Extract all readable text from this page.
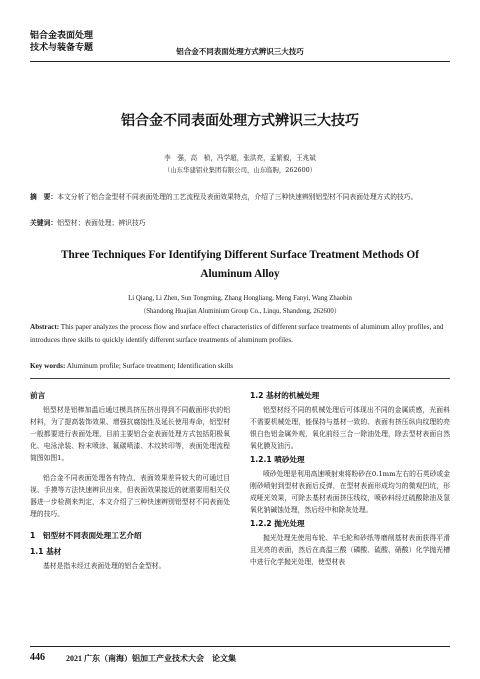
铝合金表面处理
技术与装备专题	铝合金不同表面处理方式辨识三大技巧
铝合金不同表面处理方式辨识三大技巧
李　强，高　桢，冯学超，张洪亮，孟繁毅，王兆斌
（山东华建铝业集团有限公司，山东临朐，262600）
摘　要：本文分析了铝合金型材不同表面处理的工艺流程及表面效果特点，介绍了三种快速辨别铝型材不同表面处理方式的技巧。
关键词：铝型材；表面处理；辨识技巧
Three Techniques For Identifying Different Surface Treatment Methods Of Aluminum Alloy
Li Qiang, Li Zhen, Sun Tongming, Zhang Hongliang, Meng Fanyi, Wang Zhaobin
（Shandong Huajian Aluminium Group Co., Linqu, Shandong, 262600）
Abstract: This paper analyzes the process flow and surface effect characteristics of different surface treatments of aluminum alloy profiles, and introduces three skills to quickly identify different surface treatments of aluminum profiles.
Key words: Aluminum profile; Surface treatment; Identification skills

前言

铝型材是铝棒加温后通过模具挤压挤出得到不同截面形状的铝材料，为了提高装饰效果、增强抗腐蚀性及延长使用寿命，铝型材一般都要进行表面处理，目前主要铝合金表面处理方式包括阳极氧化、电泳涂装、粉末喷涂、氟碳喷漆、木纹转印等，表面处理流程简图如图1。

铝合金不同表面处理各有特点，表面效果差异较大的可通过目视、手摸等方法快速辨识出来，但表面效果接近的就需要用相关仪器进一步检测来判定，本文介绍了三种快速辨别铝型材不同表面处理的技巧。

1　铝型材不同表面处理工艺介绍

1.1 基材

基材是指未经过表面处理的铝合金型材。

1.2 基材的机械处理

铝型材经不同的机械处理后可体现出不同的金属质感，光面料不需要机械处理，能保持与基材一致的、表面有挤压纵向纹理的亮银白色铝金属外观，氧化前经三合一除油处理，除去型材表面自然氧化膜及油污。

1.2.1 喷砂处理

喷砂处理是利用高速喷射束将粉砂在0.1mm左右的石英砂或金刚砂喷射到型材表面后反弹，在型材表面形成均匀的微观凹坑，形成哑光效果，可除去基材表面挤压线纹，喷砂料经过硫酸除油及氢氧化钠碱蚀处理，然后经中和除灰处理。

1.2.2 抛光处理

抛光处理先使用布轮、羊毛轮和砂纸等磨削基材表面获得平滑且光亮的表面，然后在高温三酸（磷酸、硫酸、硝酸）化学抛光槽中进行化学抛光处理，使型材表

446	2021 广东（南海）铝加工产业技术大会　论文集
